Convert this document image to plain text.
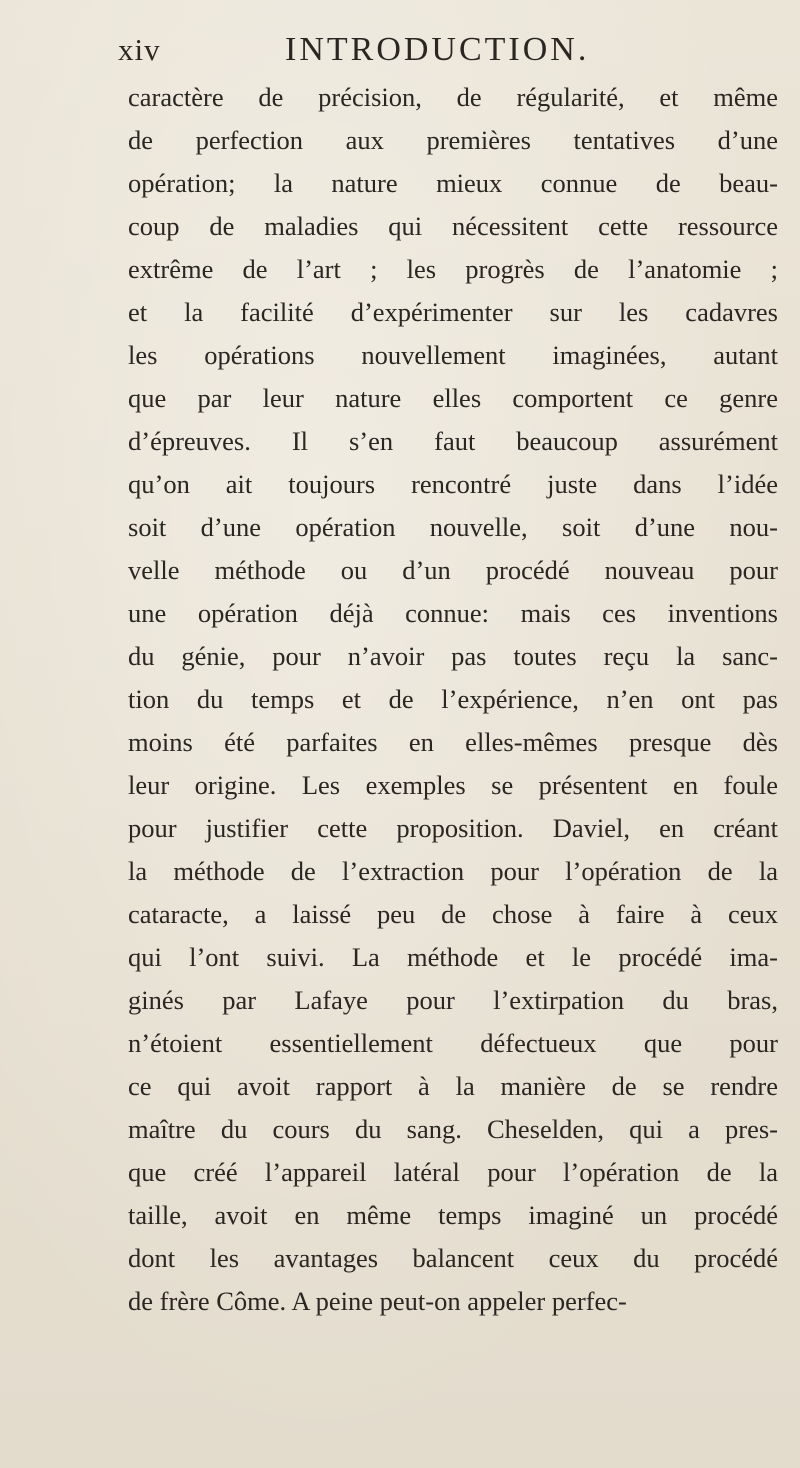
xiv	INTRODUCTION.
caractère de précision, de régularité, et même
de perfection aux premières tentatives d’une
opération; la nature mieux connue de beau-
coup de maladies qui nécessitent cette ressource
extrême de l’art ; les progrès de l’anatomie ;
et la facilité d’expérimenter sur les cadavres
les opérations nouvellement imaginées, autant
que par leur nature elles comportent ce genre
d’épreuves. Il s’en faut beaucoup assurément
qu’on ait toujours rencontré juste dans l’idée
soit d’une opération nouvelle, soit d’une nou-
velle méthode ou d’un procédé nouveau pour
une opération déjà connue: mais ces inventions
du génie, pour n’avoir pas toutes reçu la sanc-
tion du temps et de l’expérience, n’en ont pas
moins été parfaites en elles-mêmes presque dès
leur origine. Les exemples se présentent en foule
pour justifier cette proposition. Daviel, en créant
la méthode de l’extraction pour l’opération de la
cataracte, a laissé peu de chose à faire à ceux
qui l’ont suivi. La méthode et le procédé ima-
ginés par Lafaye pour l’extirpation du bras,
n’étoient essentiellement défectueux que pour
ce qui avoit rapport à la manière de se rendre
maître du cours du sang. Cheselden, qui a pres-
que créé l’appareil latéral pour l’opération de la
taille, avoit en même temps imaginé un procédé
dont les avantages balancent ceux du procédé
de frère Côme. A peine peut-on appeler perfec-
